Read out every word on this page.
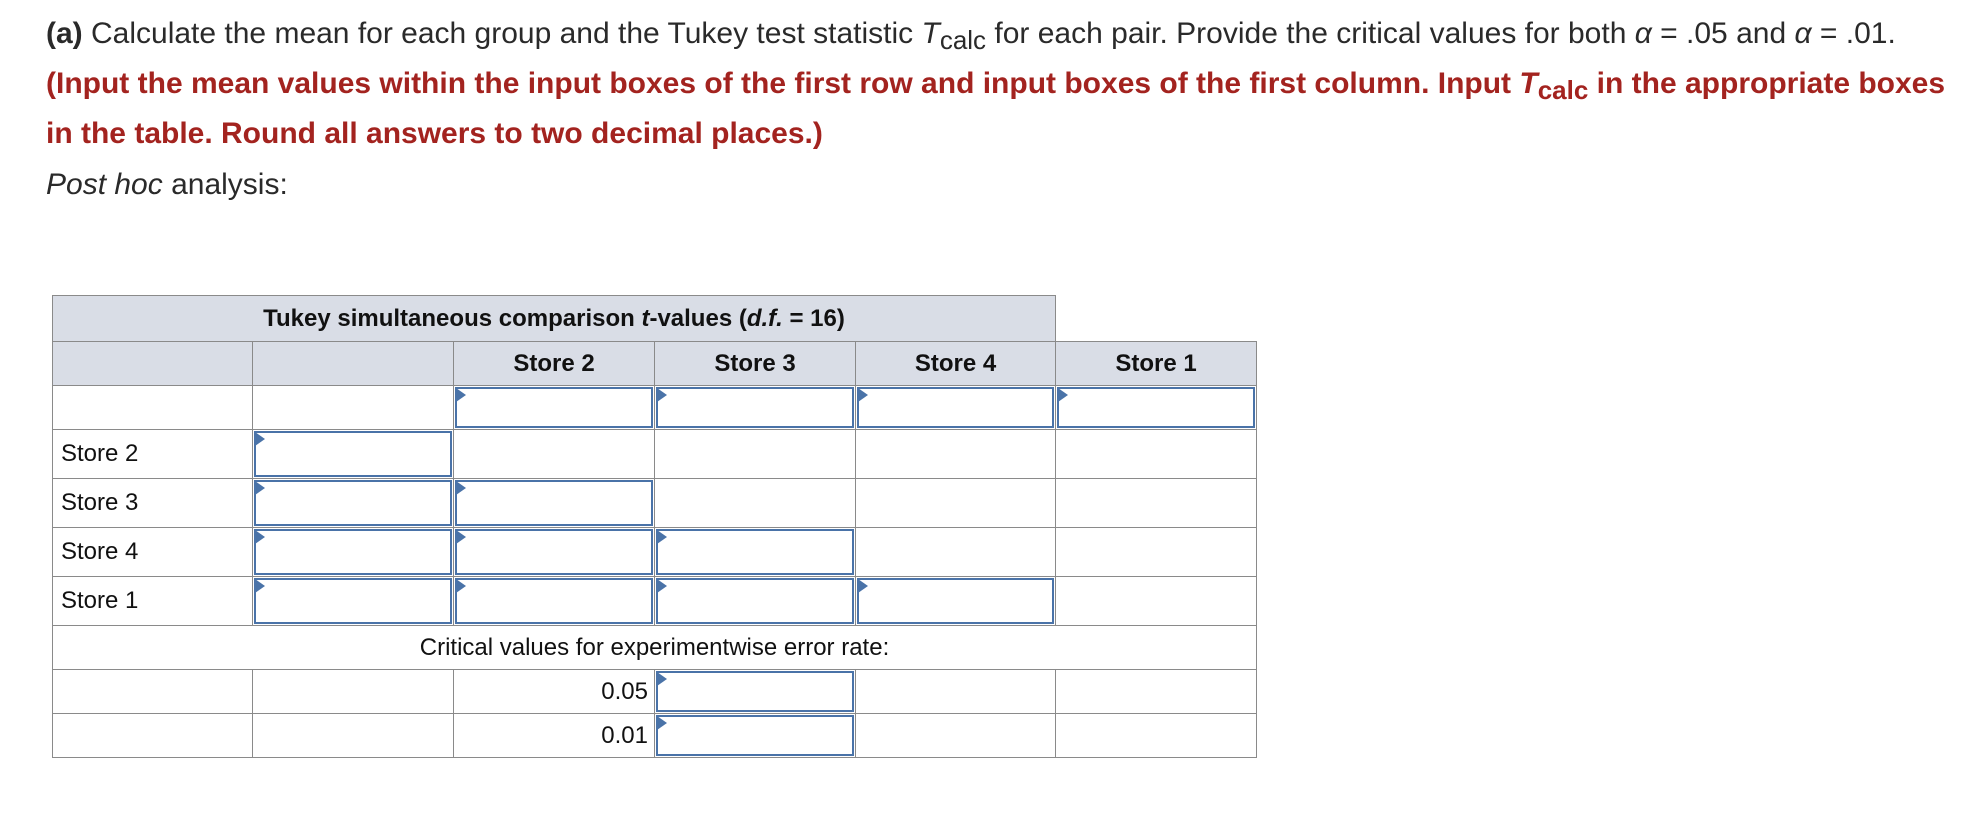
(a) Calculate the mean for each group and the Tukey test statistic $T_{calc}$ for each pair. Provide the critical values for both α = .05 and α = .01. (Input the mean values within the input boxes of the first row and input boxes of the first column. Input $T_{calc}$ in the appropriate boxes in the table. Round all answers to two decimal places.)
Post hoc analysis:
Tukey simultaneous comparison t-values (d.f. = 16)					
		Store 2	Store 3	Store 4	Store 1

Store 2	

Store 3	

Store 4	

Store 1	

Critical values for experimentwise error rate:					
		0.05	

		0.01	
